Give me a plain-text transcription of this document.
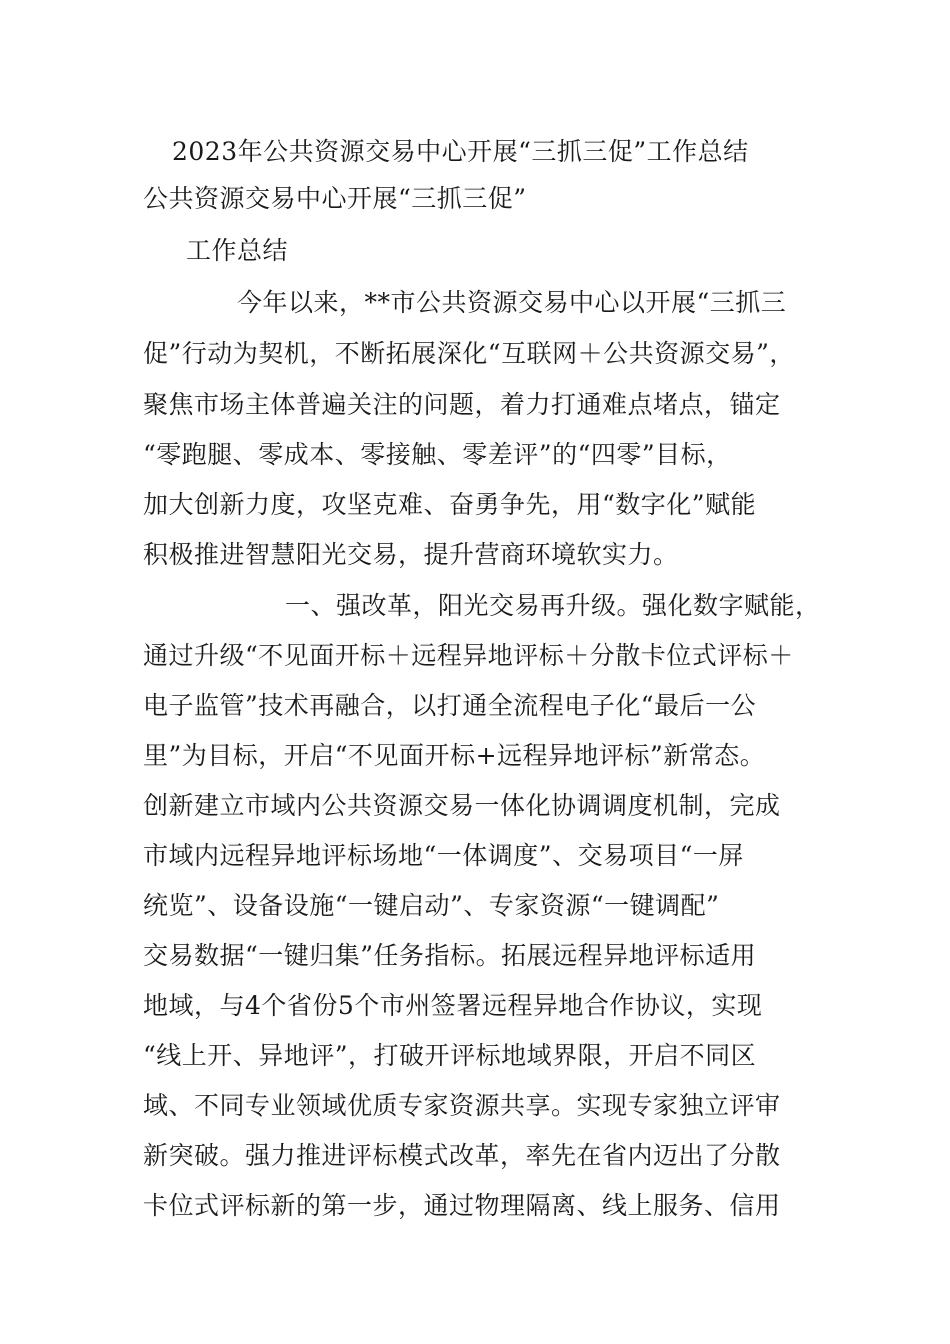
2023年公共资源交易中心开展“三抓三促”工作总结
公共资源交易中心开展“三抓三促”
工作总结
今年以来，**市公共资源交易中心以开展“三抓三
促”行动为契机，不断拓展深化“互联网＋公共资源交易”，
聚焦市场主体普遍关注的问题，着力打通难点堵点，锚定
“零跑腿、零成本、零接触、零差评”的“四零”目标，
加大创新力度，攻坚克难、奋勇争先，用“数字化”赋能
积极推进智慧阳光交易，提升营商环境软实力。
一、强改革，阳光交易再升级。强化数字赋能，
通过升级“不见面开标＋远程异地评标＋分散卡位式评标＋
电子监管”技术再融合，以打通全流程电子化“最后一公
里”为目标，开启“不见面开标+远程异地评标”新常态。
创新建立市域内公共资源交易一体化协调调度机制，完成
市域内远程异地评标场地“一体调度”、交易项目“一屏
统览”、设备设施“一键启动”、专家资源“一键调配”
交易数据“一键归集”任务指标。拓展远程异地评标适用
地域，与4个省份5个市州签署远程异地合作协议，实现
“线上开、异地评”，打破开评标地域界限，开启不同区
域、不同专业领域优质专家资源共享。实现专家独立评审
新突破。强力推进评标模式改革，率先在省内迈出了分散
卡位式评标新的第一步，通过物理隔离、线上服务、信用
